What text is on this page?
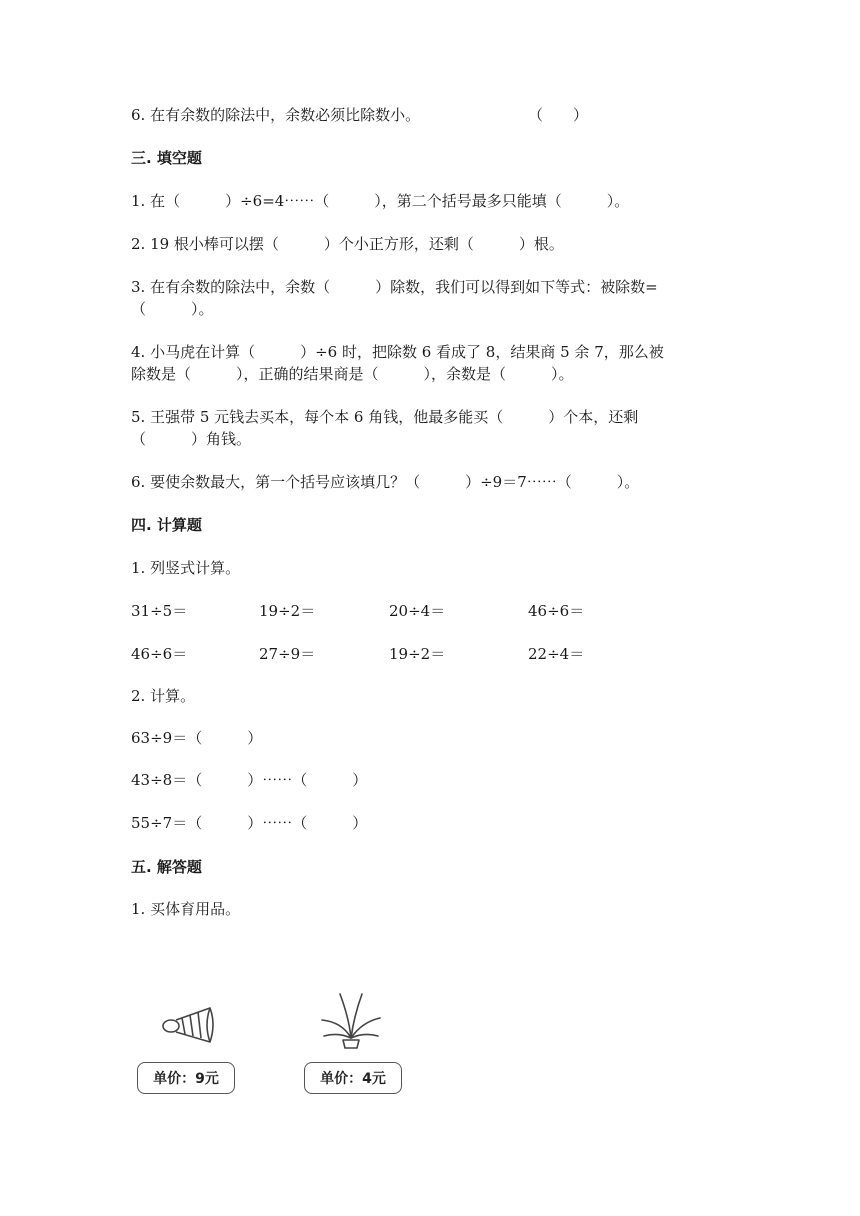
6. 在有余数的除法中，余数必须比除数小。	（　　）
三. 填空题
1. 在（　　　）÷6=4⋯⋯（　　　），第二个括号最多只能填（　　　）。
2. 19 根小棒可以摆（　　　）个小正方形，还剩（　　　）根。
3. 在有余数的除法中，余数（　　　）除数，我们可以得到如下等式：被除数=
（　　　）。
4. 小马虎在计算（　　　）÷6 时，把除数 6 看成了 8，结果商 5 余 7，那么被
除数是（　　　），正确的结果商是（　　　），余数是（　　　）。
5. 王强带 5 元钱去买本，每个本 6 角钱，他最多能买（　　　）个本，还剩
（　　　）角钱。
6. 要使余数最大，第一个括号应该填几？（　　　）÷9＝7⋯⋯（　　　）。
四. 计算题
1. 列竖式计算。
31÷5＝	19÷2＝	20÷4＝	46÷6＝
46÷6＝	27÷9＝	19÷2＝	22÷4＝
2. 计算。
63÷9＝（　　　）
43÷8＝（　　　）⋯⋯（　　　）
55÷7＝（　　　）⋯⋯（　　　）
五. 解答题
1. 买体育用品。
单价：9元	单价：4元
